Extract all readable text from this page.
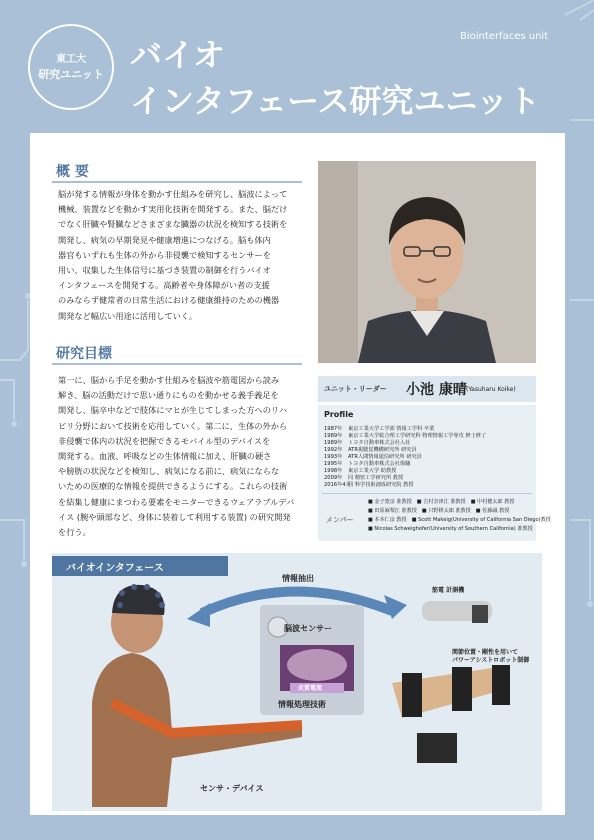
東工大
研究ユニット
バイオ
インタフェース研究ユニット
Biointerfaces unit
概 要
脳が発する情報が身体を動かす仕組みを研究し、脳波によって
機械、装置などを動かす実用化技術を開発する。また、脳だけ
でなく肝臓や腎臓などさまざまな臓器の状況を検知する技術を
開発し、病気の早期発見や健康増進につなげる。脳も体内
器官もいずれも生体の外から非侵襲で検知するセンサーを
用い、収集した生体信号に基づき装置の制御を行うバイオ
インタフェースを開発する。高齢者や身体障がい者の支援
のみならず健常者の日常生活における健康維持のための機器
開発など幅広い用途に活用していく。
研究目標
第一に、脳から手足を動かす仕組みを脳波や筋電図から読み
解き、脳の活動だけで思い通りにものを動かせる義手義足を
開発し、脳卒中などで肢体にマヒが生じてしまった方へのリハ
ビリ分野において技術を応用していく。第二に、生体の外から
非侵襲で体内の状況を把握できるモバイル型のデバイスを
開発する。血液、呼吸などの生体情報に加え、肝臓の硬さ
や膀胱の状況などを検知し、病気になる前に、病気にならな
いための医療的な情報を提供できるようにする。これらの技術
を結集し健康にまつわる要素をモニターできるウェアラブルデバ
イス (腕や頭部など、身体に装着して利用する装置) の研究開発
を行う。
ユニット・リーダー 小池 康晴 (Yasuharu Koike)
Profile
1987年 東京工業大学工学部 情報工学科 卒業
1989年 東京工業大学総合理工学研究科 物理情報工学専攻 修士修了
1989年 トヨタ自動車株式会社入社
1992年 ATR視聴覚機構研究所 研究員
1993年 ATR人間情報通信研究所 研究員
1995年 トヨタ自動車株式会社復職
1998年 東京工業大学 助教授
2009年 同 精密工学研究所 教授
2016年4月同 科学技術創成研究院 教授
メンバー
■ 金子寛彦 准教授　■ 吉村奈津江 准教授　■ 中村健太郎 教授
■ 田原麻梨江 准教授　■ 只野耕太郎 准教授　■ 佐藤誠 教授
■ 本本仁彦 教授　■ Scott Makeig(University of California San Diego)教授
■ Nicolas Schweighofer(University of Southern California) 准教授
情報抽出
脳波センサー
皮質電流
情報処理技術
センサ・デバイス
筋電 計測機
関節位置・剛性を用いて
パワーアシストロボット制御
バイオインタフェース
